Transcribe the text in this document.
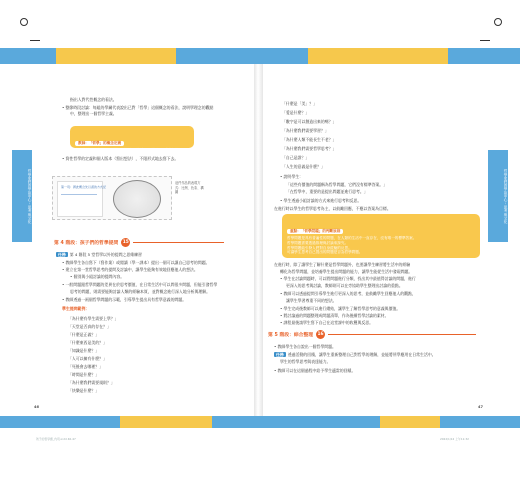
哲學家們的學說中心 – 思考與文化	哲學家們的學說中心 – 思考與文化
指出人對代性概念的看法。
• 整節時段討論：每組的學屬代表說出已對「哲學」這個概念的看法，說明學理念的觀點
中，整理出一個哲學主義。
教師：「哲學」的概念定義
在哲學思考活動中，先讓學生透過自己的經驗去發展對哲學的認識。
• 質性哲學的定義和個人版本（寫出想法），不限形式地去寫下去。
第一頁：將此概念先以畫的方式記
這件作品的表現方式：比例、色彩、構圖
第 4 階段：孩子們的哲學提問	15
任務 第 4 階段 5 堂哲學以外的提問之思維練習
• 教師學生各自寫下（寫作業）或閱讀（學一課本）提出一個可以讓自己思考的問題。
• 建立在第一堂哲學思考的提問及討論中，讓學生能夠有效地回應他人的想法。
• 個別與小組討論的提問內容。
• 一般問題跟哲學問題的差異在於思考價值，在日常生活中可以問很多問題，但能引發哲學
思考的問題，則需要能夠討論人類的經驗本質，並對概念進行深入地分析與理解。
• 教師透過一兩個哲學問題的示範，引導學生提出具有哲學意義的問題。
學生提問範例：
「為什麼有學生需要上學？」
「天堂是否真的存在？」
「什麼是正義？」
「什麼東西是美的？」
「知識是什麼？」
「人可以擁有什麼？」
「死後會去哪裡？」
「時間是什麼？」
「為什麼我們需要規則？」
「快樂是什麼？」
46
「什麼是「美」？」
「愛是什麼？」
「數字是可以創造出來的嗎？」
「為什麼我們需要學習？」
「為什麼人類不能長生不老？」
「為什麼我們需要哲學思考？」
「自己是誰？」
「人生的意義是什麼？」
• 說明學生：
「這些有價值的問題稱為哲學問題，它們沒有標準答案。」
「在哲學中，重要的是提出問題並進行思考。」
• 學生透過小組討論的方式來進行思考和反思。
在進行時以學生的哲學思考為主，以鼓勵回應，不應以答案為目標。
重點：「哲學問題」的判斷原則
哲學問題是具有普遍性的問題，在人類的生活中一直存在，沒有唯一的標準答案。
哲學問題需要透過推理與討論來探究。
哲學問題能引發人們對自身經驗的反思。
可讓學生思考自己提出的問題是否為哲學問題。
在進行時，除了讓學生了解什麼是哲學問題外，也要讓學生練習將生活中的經驗
轉化為哲學問題，並培養學生提出問題的能力，讓學生能從生活中發現問題。
• 學生在討論問題時，可以將問題進行分類，找出其中最值得討論的問題，進行
更深入的思考與討論，教師則可以在旁協助學生整理出討論的重點。
• 教師可以透過提問引導學生進行更深入的思考，並鼓勵學生回應他人的觀點，
讓學生學習尊重不同的想法。
• 學生完成後教師可以進行總結，讓學生了解哲學思考的意義與價值。
• 將討論過的問題整理成問題清單，作為後續哲學討論的素材。
• 課程最後請學生寫下自己在這堂課中的收穫與反思。
第 5 階段：綜合整理	16
• 教師學生各自說出一個哲學問題。
任務 透過活動的回饋，讓學生重新整理自己對哲學的理解，並能將所學應用在日常生活中。
學生的哲學思考與表達能力。
• 教師可以在這個過程中給予學生適當的回饋。
47
孩子的哲學課_內頁.indd 46-47	2022/1/12 上午11:32
